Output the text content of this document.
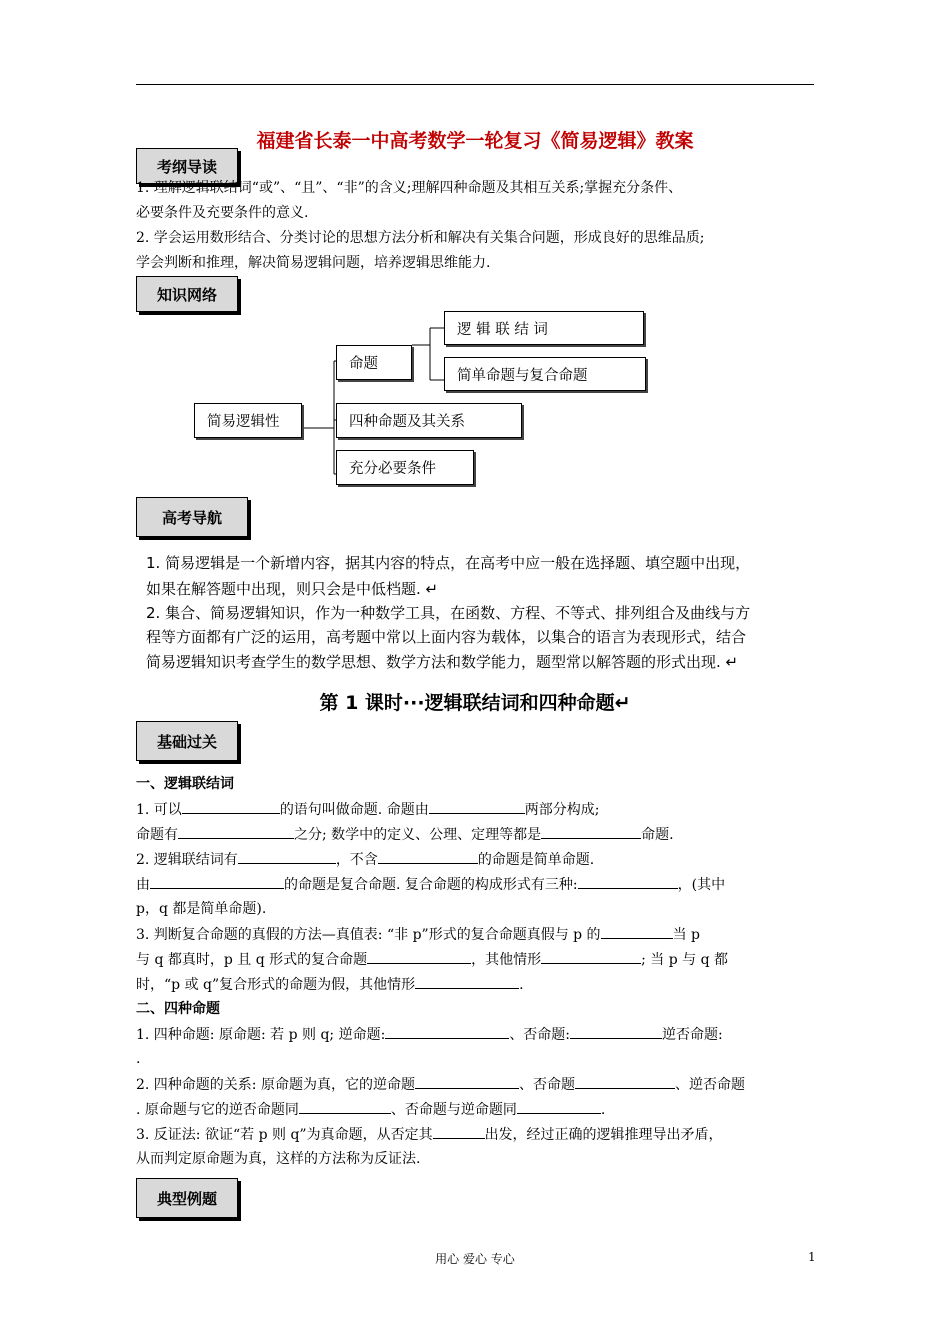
福建省长泰一中高考数学一轮复习《简易逻辑》教案
考纲导读
1. 理解逻辑联结词“或”、“且”、“非”的含义;理解四种命题及其相互关系;掌握充分条件、
必要条件及充要条件的意义.
2. 学会运用数形结合、分类讨论的思想方法分析和解决有关集合问题，形成良好的思维品质;
学会判断和推理，解决简易逻辑问题，培养逻辑思维能力.
知识网络
简易逻辑性
命题
逻 辑 联 结 词
简单命题与复合命题
四种命题及其关系
充分必要条件
高考导航
1. 简易逻辑是一个新增内容，据其内容的特点，在高考中应一般在选择题、填空题中出现，
如果在解答题中出现，则只会是中低档题. ↵
2. 集合、简易逻辑知识，作为一种数学工具，在函数、方程、不等式、排列组合及曲线与方
程等方面都有广泛的运用，高考题中常以上面内容为载体，以集合的语言为表现形式，结合
简易逻辑知识考查学生的数学思想、数学方法和数学能力，题型常以解答题的形式出现. ↵
第 1 课时···逻辑联结词和四种命题↵
基础过关
一、逻辑联结词
1. 可以	的语句叫做命题. 命题由	两部分构成;
命题有	之分; 数学中的定义、公理、定理等都是	命题.
2. 逻辑联结词有	，不含	的命题是简单命题.
由	的命题是复合命题. 复合命题的构成形式有三种:	，(其中
p，q 都是简单命题).
3. 判断复合命题的真假的方法—真值表: “非 p”形式的复合命题真假与 p 的	当 p
与 q 都真时，p 且 q 形式的复合命题	，其他情形	; 当 p 与 q 都
时，“p 或 q”复合形式的命题为假，其他情形	.
二、四种命题
1. 四种命题: 原命题: 若 p 则 q; 逆命题:	、否命题:	逆否命题:
.
2. 四种命题的关系: 原命题为真，它的逆命题	、否命题	、逆否命题
. 原命题与它的逆否命题同	、否命题与逆命题同	.
3. 反证法: 欲证“若 p 则 q”为真命题，从否定其	出发，经过正确的逻辑推理导出矛盾，
从而判定原命题为真，这样的方法称为反证法.
典型例题
用心 爱心 专心	1
